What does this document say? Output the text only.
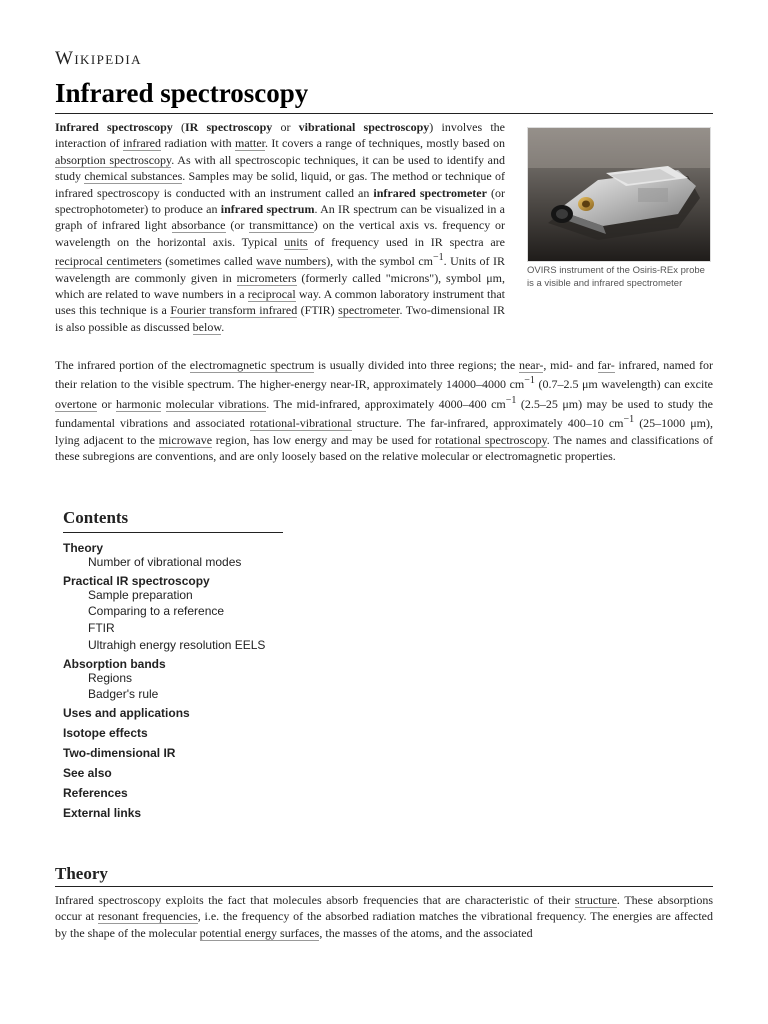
Wikipedia
Infrared spectroscopy

Infrared spectroscopy (IR spectroscopy or vibrational spectroscopy) involves the interaction of infrared radiation with matter. It covers a range of techniques, mostly based on absorption spectroscopy. As with all spectroscopic techniques, it can be used to identify and study chemical substances. Samples may be solid, liquid, or gas. The method or technique of infrared spectroscopy is conducted with an instrument called an infrared spectrometer (or spectrophotometer) to produce an infrared spectrum. An IR spectrum can be visualized in a graph of infrared light absorbance (or transmittance) on the vertical axis vs. frequency or wavelength on the horizontal axis. Typical units of frequency used in IR spectra are reciprocal centimeters (sometimes called wave numbers), with the symbol $cm^{-1}$. Units of IR wavelength are commonly given in micrometers (formerly called "microns"), symbol μm, which are related to wave numbers in a reciprocal way. A common laboratory instrument that uses this technique is a Fourier transform infrared (FTIR) spectrometer. Two-dimensional IR is also possible as discussed below.

OVIRS instrument of the Osiris-REx probe is a visible and infrared spectrometer

The infrared portion of the electromagnetic spectrum is usually divided into three regions; the near-, mid- and far- infrared, named for their relation to the visible spectrum. The higher-energy near-IR, approximately 14000–4000 $cm^{-1}$ (0.7–2.5 μm wavelength) can excite overtone or harmonic molecular vibrations. The mid-infrared, approximately 4000–400 $cm^{-1}$ (2.5–25 μm) may be used to study the fundamental vibrations and associated rotational-vibrational structure. The far-infrared, approximately 400–10 $cm^{-1}$ (25–1000 μm), lying adjacent to the microwave region, has low energy and may be used for rotational spectroscopy. The names and classifications of these subregions are conventions, and are only loosely based on the relative molecular or electromagnetic properties.

Contents
Theory
Number of vibrational modes
Practical IR spectroscopy
Sample preparation
Comparing to a reference
FTIR
Ultrahigh energy resolution EELS
Absorption bands
Regions
Badger's rule
Uses and applications
Isotope effects
Two-dimensional IR
See also
References
External links
Theory

Infrared spectroscopy exploits the fact that molecules absorb frequencies that are characteristic of their structure. These absorptions occur at resonant frequencies, i.e. the frequency of the absorbed radiation matches the vibrational frequency. The energies are affected by the shape of the molecular potential energy surfaces, the masses of the atoms, and the associated
